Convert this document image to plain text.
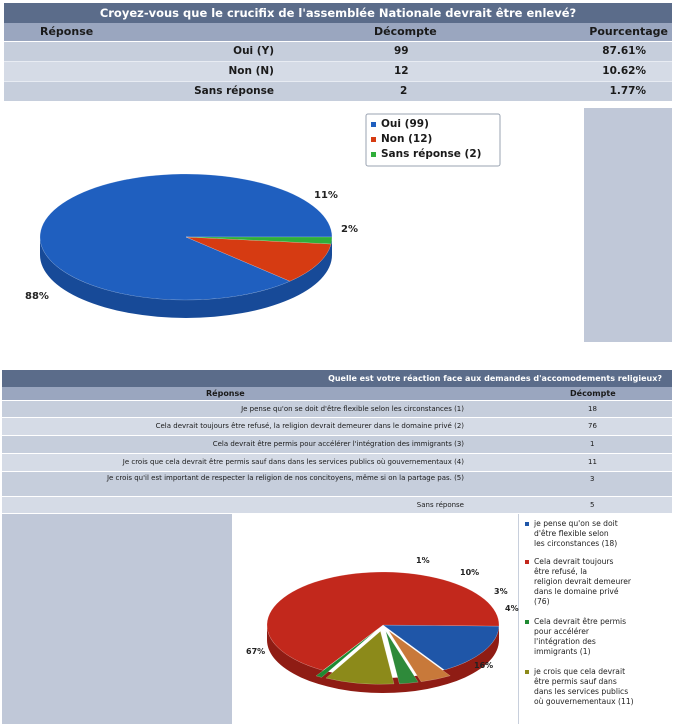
Croyez-vous que le crucifix de l'assemblée Nationale devrait être enlevé?
Réponse	Décompte	Pourcentage
Oui (Y)	99	87.61%
Non (N)	12	10.62%
Sans réponse	2	1.77%
Oui (99)
Non (12)
Sans réponse (2)
88%
11%
2%
Quelle est votre réaction face aux demandes d'accomodements religieux?
Réponse	Décompte
Je pense qu'on se doit d'être flexible selon les circonstances (1)	18
Cela devrait toujours être refusé, la religion devrait demeurer dans le domaine privé (2)	76
Cela devrait être permis pour accélérer l'intégration des immigrants (3)	1
Je crois que cela devrait être permis sauf dans dans les services publics où gouvernementaux (4)	11
Je crois qu'il est important de respecter la religion de nos concitoyens, même si on la partage pas. (5)	3
Sans réponse	5
67%
16%
1%
10%
3%
4%
je pense qu'on se doit
d'être flexible selon
les circonstances (18)
Cela devrait toujours
être refusé, la
religion devrait demeurer
dans le domaine privé
(76)
Cela devrait être permis
pour accélérer
l'intégration des
immigrants (1)
je crois que cela devrait
être permis sauf dans
dans les services publics
où gouvernementaux (11)
